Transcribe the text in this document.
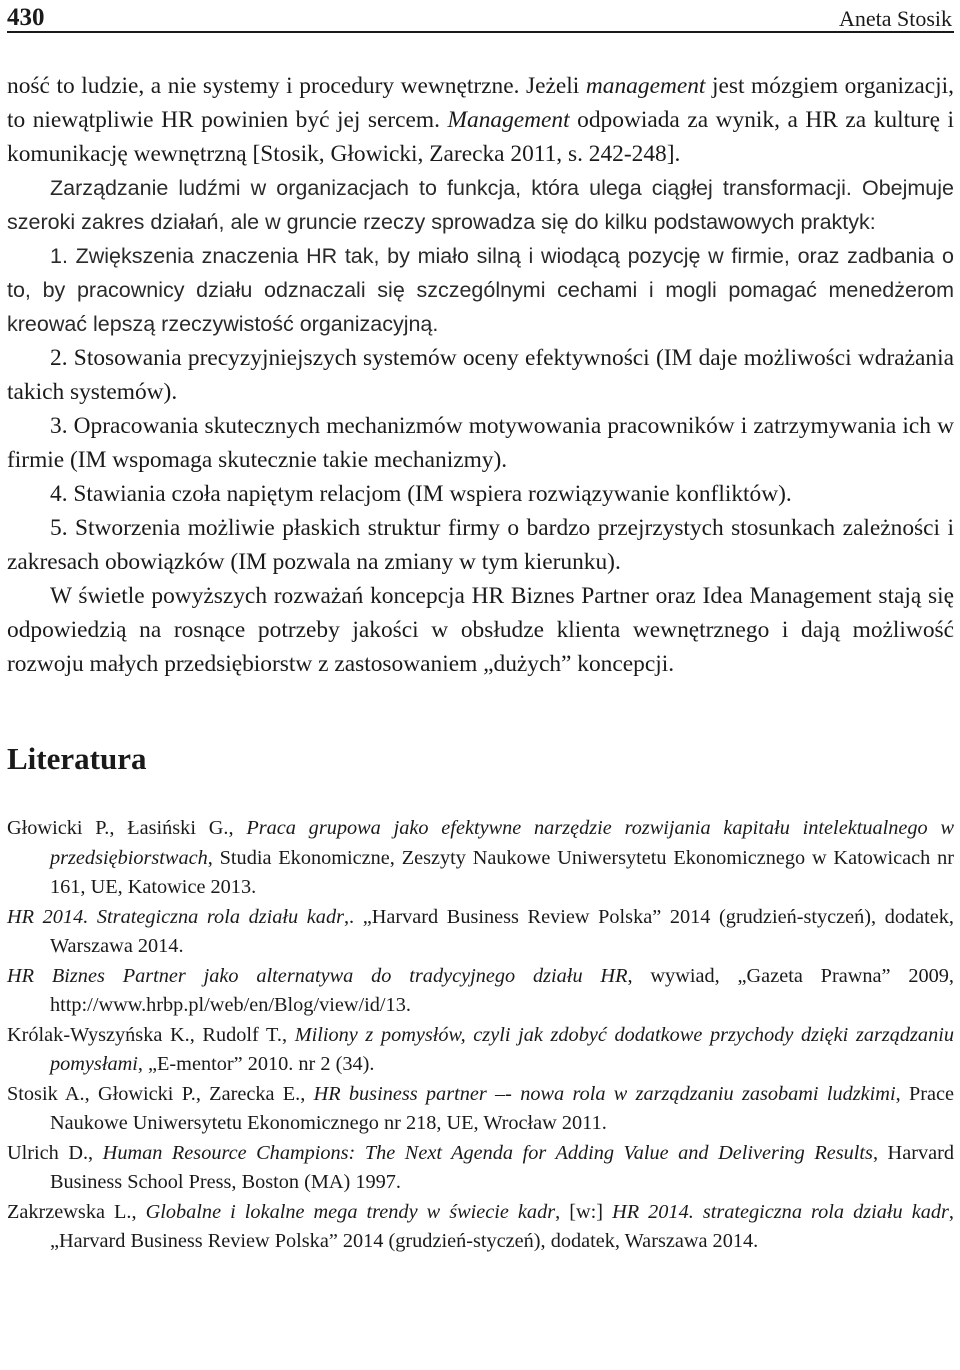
430	Aneta Stosik

ność to ludzie, a nie systemy i procedury wewnętrzne. Jeżeli management jest mózgiem organizacji, to niewątpliwie HR powinien być jej sercem. Management odpowiada za wynik, a HR za kulturę i komunikację wewnętrzną [Stosik, Głowicki, Zarecka 2011, s. 242-248].

Zarządzanie ludźmi w organizacjach to funkcja, która ulega ciągłej transformacji. Obejmuje szeroki zakres działań, ale w gruncie rzeczy sprowadza się do kilku podstawowych praktyk:

1. Zwiększenia znaczenia HR tak, by miało silną i wiodącą pozycję w firmie, oraz zadbania o to, by pracownicy działu odznaczali się szczególnymi cechami i mogli pomagać menedżerom kreować lepszą rzeczywistość organizacyjną.

2. Stosowania precyzyjniejszych systemów oceny efektywności (IM daje możliwości wdrażania takich systemów).

3. Opracowania skutecznych mechanizmów motywowania pracowników i zatrzymywania ich w firmie (IM wspomaga skutecznie takie mechanizmy).

4. Stawiania czoła napiętym relacjom (IM wspiera rozwiązywanie konfliktów).

5. Stworzenia możliwie płaskich struktur firmy o bardzo przejrzystych stosunkach zależności i zakresach obowiązków (IM pozwala na zmiany w tym kierunku).

W świetle powyższych rozważań koncepcja HR Biznes Partner oraz Idea Management stają się odpowiedzią na rosnące potrzeby jakości w obsłudze klienta wewnętrznego i dają możliwość rozwoju małych przedsiębiorstw z zastosowaniem „dużych” koncepcji.

Literatura

Głowicki P., Łasiński G., Praca grupowa jako efektywne narzędzie rozwijania kapitału intelektualnego w przedsiębiorstwach, Studia Ekonomiczne, Zeszyty Naukowe Uniwersytetu Ekonomicznego w Katowicach nr 161, UE, Katowice 2013.

HR 2014. Strategiczna rola działu kadr,. „Harvard Business Review Polska” 2014 (grudzień-styczeń), dodatek, Warszawa 2014.

HR Biznes Partner jako alternatywa do tradycyjnego działu HR, wywiad, „Gazeta Prawna” 2009, http://www.hrbp.pl/web/en/Blog/view/id/13.

Królak-Wyszyńska K., Rudolf T., Miliony z pomysłów, czyli jak zdobyć dodatkowe przychody dzięki zarządzaniu pomysłami, „E-mentor” 2010. nr 2 (34).

Stosik A., Głowicki P., Zarecka E., HR business partner –- nowa rola w zarządzaniu zasobami ludzkimi, Prace Naukowe Uniwersytetu Ekonomicznego nr 218, UE, Wrocław 2011.

Ulrich D., Human Resource Champions: The Next Agenda for Adding Value and Delivering Results, Harvard Business School Press, Boston (MA) 1997.

Zakrzewska L., Globalne i lokalne mega trendy w świecie kadr, [w:] HR 2014. strategiczna rola działu kadr, „Harvard Business Review Polska” 2014 (grudzień-styczeń), dodatek, Warszawa 2014.
